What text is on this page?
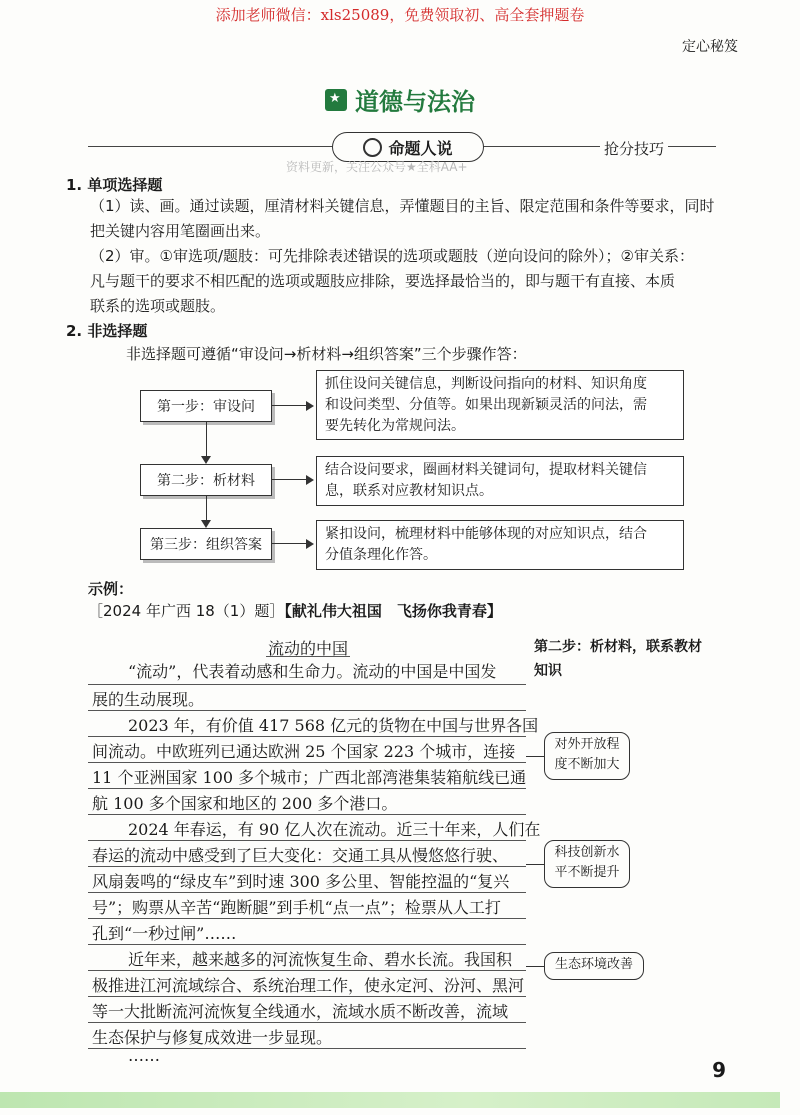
添加老师微信：xls25089，免费领取初、高全套押题卷
定心秘笈
★
道德与法治
命题人说	抢分技巧
资料更新，关注公众号★全科AA+
1. 单项选择题
（1）读、画。通过读题，厘清材料关键信息，弄懂题目的主旨、限定范围和条件等要求，同时
把关键内容用笔圈画出来。
（2）审。①审选项/题肢：可先排除表述错误的选项或题肢（逆向设问的除外）；②审关系：
凡与题干的要求不相匹配的选项或题肢应排除，要选择最恰当的，即与题干有直接、本质
联系的选项或题肢。
2. 非选择题
非选择题可遵循“审设问→析材料→组织答案”三个步骤作答：
第一步：审设问
抓住设问关键信息，判断设问指向的材料、知识角度
和设问类型、分值等。如果出现新颖灵活的问法，需
要先转化为常规问法。
第二步：析材料
结合设问要求，圈画材料关键词句，提取材料关键信
息，联系对应教材知识点。
第三步：组织答案
紧扣设问，梳理材料中能够体现的对应知识点，结合
分值条理化作答。
示例：
［2024 年广西 18（1）题］【献礼伟大祖国　飞扬你我青春】
流动的中国	第二步：析材料，联系教材
知识
“流动”，代表着动感和生命力。流动的中国是中国发
展的生动展现。
2023 年，有价值 417 568 亿元的货物在中国与世界各国
间流动。中欧班列已通达欧洲 25 个国家 223 个城市，连接
11 个亚洲国家 100 多个城市；广西北部湾港集装箱航线已通
航 100 多个国家和地区的 200 多个港口。
2024 年春运，有 90 亿人次在流动。近三十年来，人们在
春运的流动中感受到了巨大变化：交通工具从慢悠悠行驶、
风扇轰鸣的“绿皮车”到时速 300 多公里、智能控温的“复兴
号”；购票从辛苦“跑断腿”到手机“点一点”；检票从人工打
孔到“一秒过闸”……
近年来，越来越多的河流恢复生命、碧水长流。我国积
极推进江河流域综合、系统治理工作，使永定河、汾河、黑河
等一大批断流河流恢复全线通水，流域水质不断改善，流域
生态保护与修复成效进一步显现。
……
对外开放程
度不断加大
科技创新水
平不断提升
生态环境改善
9
